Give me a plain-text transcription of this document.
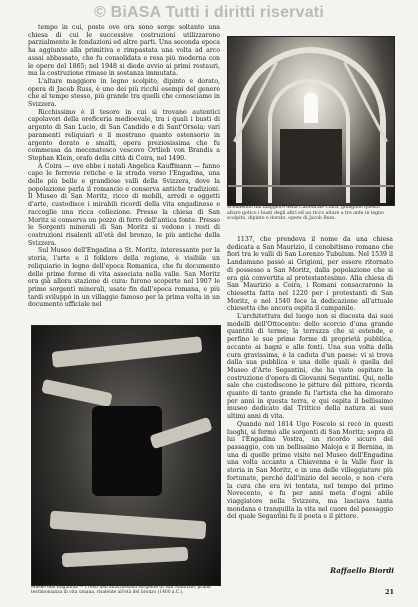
© BiASA Tutti i diritti riservati

tempo in cui, poste ove ora sono sorge soltanto una chiesa di cui le successive costruzioni utilizzarono parzialmente le fondazioni ed altre parti. Una seconda epoca ha aggiunto alla primitiva e rimpastata una volta ad arco assai abbassato, che fu consolidata e resa più moderna con le opere del 1865; nel 1948 si diede avvio ai primi restauri, ma la costruzione rimase in sostanza immutata.

L'altare maggiore in legno scolpito, dipinto e dorato, opera di Jacob Russ, è uno dei più ricchi esempi del genere che al tempo stesso, più grande tra quelli che conosciamo in Svizzera.

Ricchissimo è il tesoro in cui si trovano autentici capolavori della oreficeria medioevale, tra i quali i busti di argento di San Lucio, di San Candido e di Sant'Orsola; vari paramenti reliquiari e il mostrano quanto ostensorio in argento dorato e smalti, opera preziosissima che fu commessa da mecenatesco vescovo Ortlieb von Brandis a Stephan Klein, orafo della città di Coira, nel 1490.

A Coira — ove ebbe i natali Angelica Kauffmann — fanno capo le ferrovie retiche e la strada verso l'Engadina, una delle più belle e grandiose valli della Svizzera, dove la popolazione parla il romancio e conserva antiche tradizioni. Il Museo di San Moritz, ricco di mobili, arredi e oggetti d'arte, custodisce i mirabili ricordi della vita engadinese e raccoglie una ricca collezione. Presso la chiesa di San Moritz si conserva un pozzo di ferro dell'antica fonte. Presso le Sorgenti minerali di San Moritz si vedono i resti di costruzioni risalenti all'età del bronzo, le più antiche della Svizzera.

Sul Museo dell'Engadina a St. Moritz, interessante per la storia, l'arte e il folklore della regione, è visibile un reliquiario in legno dell'epoca Romanica, che fu documento delle prime forme di vita associata nella valle. San Moritz era già allora stazione di cura: furono scoperte nel 1907 le prime sorgenti minerali, usate fin dall'epoca romana, e più tardi sviluppò in un villaggio famoso per la prima volta in un documento ufficiale nel

Scendendo dal maggiore della Cattedrale Coira, giungono questo altare gotico i busti degli altri ed un ricco altare a tre ante in legno scolpito, dipinto e dorato, opera di Jacob Russ.

1137, che prendeva il nome da una chiesa dedicata a San Maurizio, il cenobitismo romano che fiorì tra le valli di San Lorenzo Tubulum. Nel 1539 il Landamano passò ai Grigioni, per essere ritornato di possesso a San Moritz, dalla popolazione che si era già convertita al protestantesimo. Alla chiesa di San Maurizio a Coira, i Romani consacrarono la chiesetta fatta nel 1220 per i protestanti di San Moritz, e nel 1540 fece la dedicazione all'attuale chiesetta che ancora ospita il campanile.

L'architettura del luogo non si discosta dai suoi modelli dell'Ottocento: dello scorcio d'una grande quantità di terme; la terrazza che si estende, e perfino le sue prime forme di proprietà pubblica, accanto ai bagni e alle fonti. Una sua volta della cura gravissima, è la caduta d'un paese: vi si trova dalla sua pubblica e una delle quali è quella del Museo d'Arte Segantini, che ha visto ospitare la costruzione d'opera di Giovanni Segantini. Qui, nelle sale che custodiscono le pitture del pittore, ricorda quanto di tanto grande fu l'artista che ha dimorato per anni in questa terra, e qui ospita il bellissimo museo dedicato dal Trittico della natura ai suoi ultimi anni di vita.

Quando nel 1814 Ugo Foscolo si recò in questi luoghi, si fermò alle sorgenti di San Moritz; sopra di lui l'Engadina Vostra, un ricordo sicuro del passaggio, con un bellissimo Maloja e il Bernina, in una di quelle prime visite nel Museo dell'Engadina una volta accanto a Chiavenna e la Valle fuor la storia in San Moritz, e in una delle villeggiature più fortunate, perché dall'inizio del secolo, e non c'era la cura che era ivi tentata, nel tempo del primo Novecento, e fu per anni meta d'ogni abile viaggiatore nella Svizzera, ma lasciava tanta mondana e tranquilla la vita nel cuore del paesaggio del quale Segantini fu il poeta e il pittore.

Museo dell'Engadina — I resti dell'antichissima sorgente di San Maurizio, prima testimonianza di vita umana, risalente all'età del bronzo (1400 a.C.).
Raffaello Biordi
21
